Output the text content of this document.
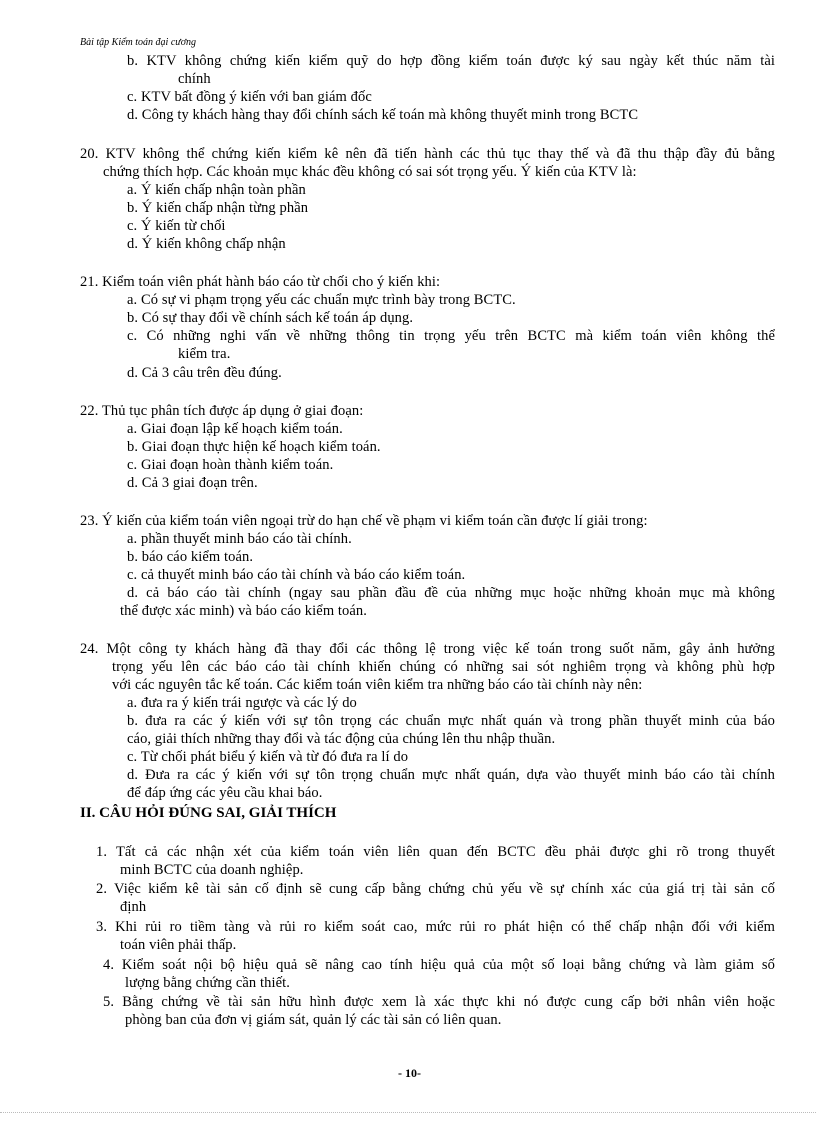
Bài tập Kiểm toán đại cương
b. KTV không chứng kiến kiểm quỹ do hợp đồng kiểm toán được ký sau ngày kết thúc năm tài
chính
c. KTV bất đồng ý kiến với ban giám đốc
d. Công ty khách hàng thay đổi chính sách kế toán mà không thuyết minh trong BCTC
20. KTV không thể chứng kiến kiểm kê nên đã tiến hành các thủ tục thay thế và đã thu thập đầy đủ bằng
chứng thích hợp. Các khoản mục khác đều không có sai sót trọng yếu. Ý kiến của KTV là:
a. Ý kiến chấp nhận toàn phần
b. Ý kiến chấp nhận từng phần
c. Ý kiến từ chối
d. Ý kiến không chấp nhận
21. Kiểm toán viên phát hành báo cáo từ chối cho ý kiến khi:
a. Có sự vi phạm trọng yếu các chuẩn mực trình bày trong BCTC.
b. Có sự thay đổi về chính sách kế toán áp dụng.
c. Có những nghi vấn về những thông tin trọng yếu trên BCTC mà kiểm toán viên không thể
kiểm tra.
d. Cả 3 câu trên đều đúng.
22. Thủ tục phân tích được áp dụng ở giai đoạn:
a. Giai đoạn lập kế hoạch kiểm toán.
b. Giai đoạn thực hiện kế hoạch kiểm toán.
c. Giai đoạn hoàn thành kiểm toán.
d. Cả 3 giai đoạn trên.
23. Ý kiến của kiểm toán viên ngoại trừ do hạn chế về phạm vi kiểm toán cần được lí giải trong:
a. phần thuyết minh báo cáo tài chính.
b. báo cáo kiểm toán.
c. cả thuyết minh báo cáo tài chính và báo cáo kiểm toán.
d. cả báo cáo tài chính (ngay sau phần đầu đề của những mục hoặc những khoản mục mà không
thể được xác minh) và báo cáo kiểm toán.
24. Một công ty khách hàng đã thay đổi các thông lệ trong việc kế toán trong suốt năm, gây ảnh hưởng
trọng yếu lên các báo cáo tài chính khiến chúng có những sai sót nghiêm trọng và không phù hợp
với các nguyên tắc kế toán. Các kiểm toán viên kiểm tra những báo cáo tài chính này nên:
a. đưa ra ý kiến trái ngược và các lý do
b. đưa ra các ý kiến với sự tôn trọng các chuẩn mực nhất quán và trong phần thuyết minh của báo
cáo, giải thích những thay đổi và tác động của chúng lên thu nhập thuần.
c. Từ chối phát biểu ý kiến và từ đó đưa ra lí do
d. Đưa ra các ý kiến với sự tôn trọng chuẩn mực nhất quán, dựa vào thuyết minh báo cáo tài chính
để đáp ứng các yêu cầu khai báo.
II. CÂU HỎI ĐÚNG SAI, GIẢI THÍCH
1. Tất cả các nhận xét của kiểm toán viên liên quan đến BCTC đều phải được ghi rõ trong thuyết
minh BCTC của doanh nghiệp.
2. Việc kiểm kê tài sản cố định sẽ cung cấp bằng chứng chủ yếu về sự chính xác của giá trị tài sản cố
định
3. Khi rủi ro tiềm tàng và rủi ro kiểm soát cao, mức rủi ro phát hiện có thể chấp nhận đối với kiểm
toán viên phải thấp.
4. Kiểm soát nội bộ hiệu quả sẽ nâng cao tính hiệu quả của một số loại bằng chứng và làm giảm số
lượng bằng chứng cần thiết.
5. Bằng chứng về tài sản hữu hình được xem là xác thực khi nó được cung cấp bởi nhân viên hoặc
phòng ban của đơn vị giám sát, quản lý các tài sản có liên quan.
- 10-
